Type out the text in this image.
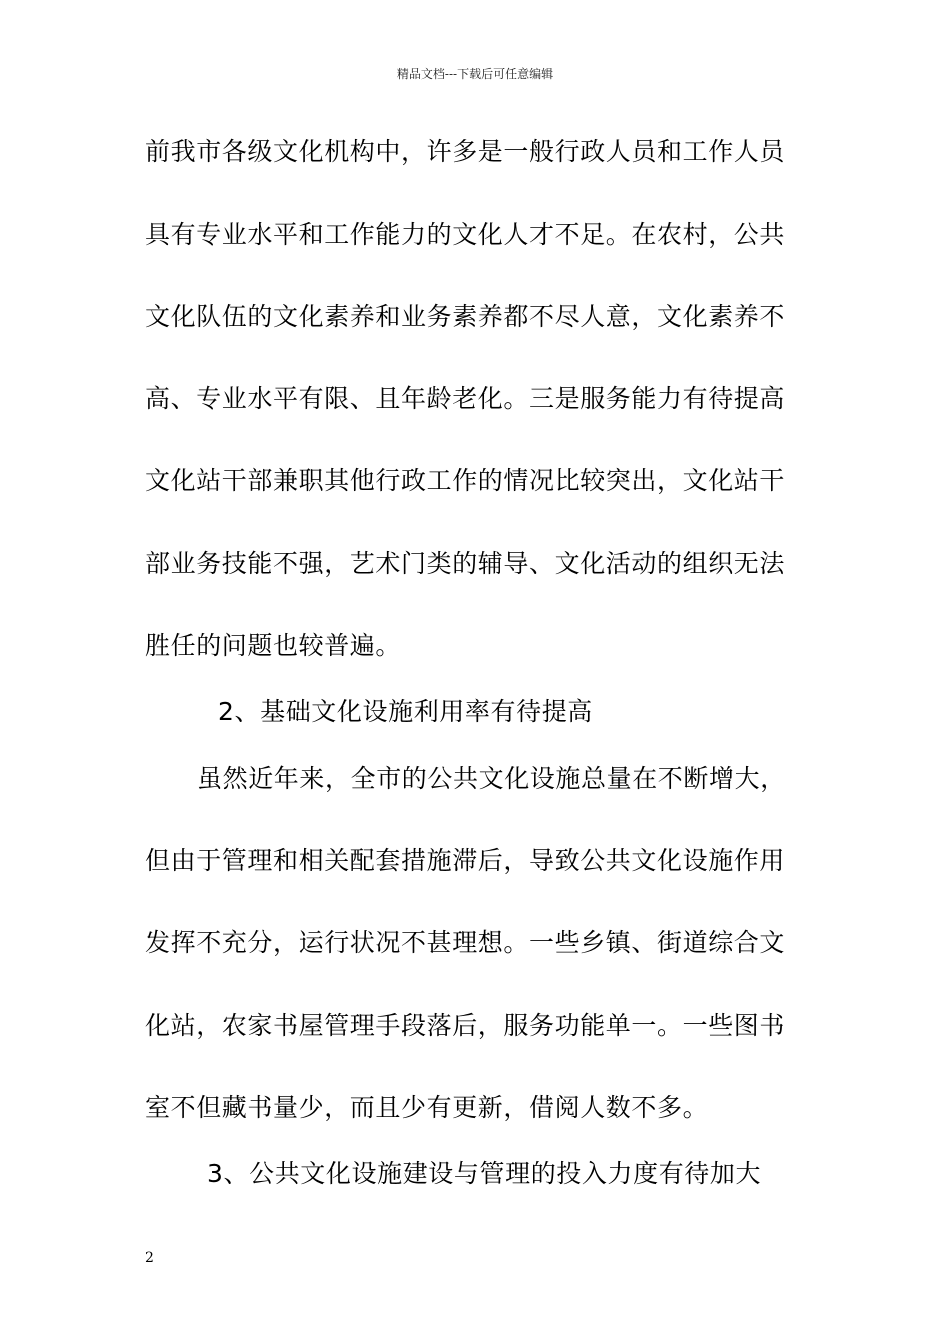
精品文档---下载后可任意编辑
前我市各级文化机构中，许多是一般行政人员和工作人员
具有专业水平和工作能力的文化人才不足。在农村，公共
文化队伍的文化素养和业务素养都不尽人意，文化素养不
高、专业水平有限、且年龄老化。三是服务能力有待提高
文化站干部兼职其他行政工作的情况比较突出，文化站干
部业务技能不强，艺术门类的辅导、文化活动的组织无法
胜任的问题也较普遍。
2、基础文化设施利用率有待提高
虽然近年来，全市的公共文化设施总量在不断增大，
但由于管理和相关配套措施滞后，导致公共文化设施作用
发挥不充分，运行状况不甚理想。一些乡镇、街道综合文
化站，农家书屋管理手段落后，服务功能单一。一些图书
室不但藏书量少，而且少有更新，借阅人数不多。
3、公共文化设施建设与管理的投入力度有待加大
2
